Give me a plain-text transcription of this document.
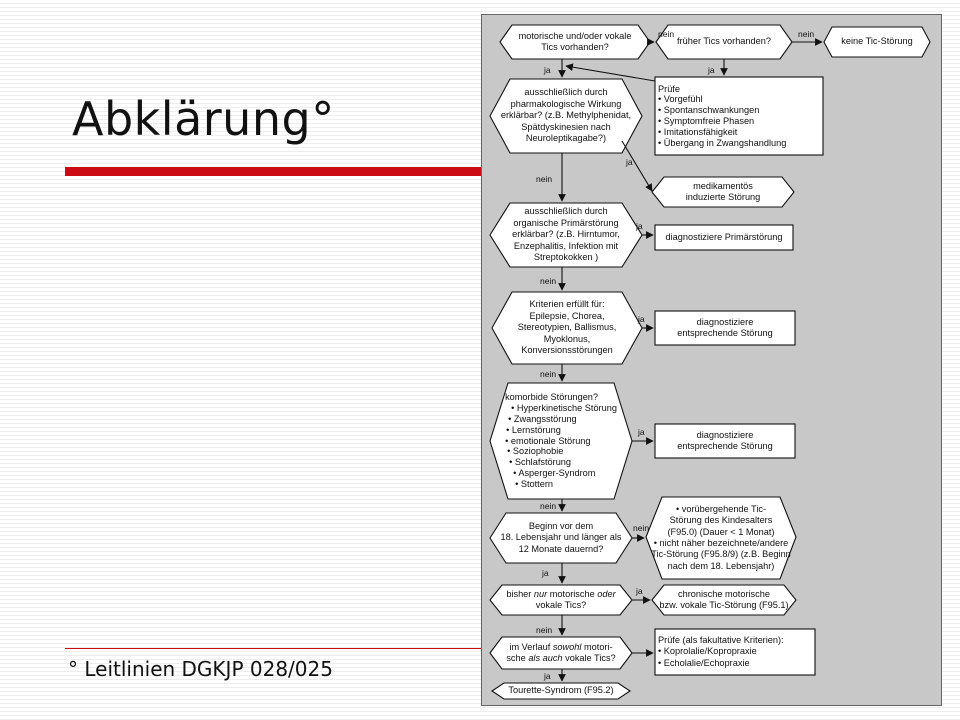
Abklärung°
° Leitlinien DGKJP 028/025
nein	nein
ja	ja
ja
nein
ja
nein
ja
nein
ja
nein
nein
ja
ja
nein
ja
motorische und/oder vokale Tics vorhanden?
früher Tics vorhanden?	keine Tic-Störung
Prüfe
• Vorgefühl
• Spontanschwankungen
• Symptomfreie Phasen
• Imitationsfähigkeit
• Übergang in Zwangshandlung
ausschließlich durch
pharmakologische Wirkung
erklärbar? (z.B. Methylphenidat,
Spätdyskinesien nach
Neuroleptikagabe?)
medikamentös
induzierte Störung
ausschließlich durch
organische Primärstörung
erklärbar? (z.B. Hirntumor,
Enzephalitis, Infektion mit
Streptokokken )
diagnostiziere Primärstörung
Kriterien erfüllt für:
Epilepsie, Chorea,
Stereotypien, Ballismus,
Myoklonus,
Konversionsstörungen
diagnostiziere
entsprechende Störung
komorbide Störungen?
• Hyperkinetische Störung
• Zwangsstörung
• Lernstörung
• emotionale Störung
• Soziophobie
• Schlafstörung
• Asperger-Syndrom
• Stottern
diagnostiziere
entsprechende Störung
Beginn vor dem
18. Lebensjahr und länger als
12 Monate dauernd?
• vorübergehende Tic-
Störung des Kindesalters
(F95.0) (Dauer < 1 Monat)
• nicht näher bezeichnete/andere
Tic-Störung (F95.8/9) (z.B. Beginn
nach dem 18. Lebensjahr)
bisher nur motorische oder
vokale Tics?
chronische motorische
bzw. vokale Tic-Störung (F95.1)
im Verlauf sowohl motori-
sche als auch vokale Tics?
Prüfe (als fakultative Kriterien):
• Koprolalie/Kopropraxie
• Echolalie/Echopraxie
Tourette-Syndrom (F95.2)
